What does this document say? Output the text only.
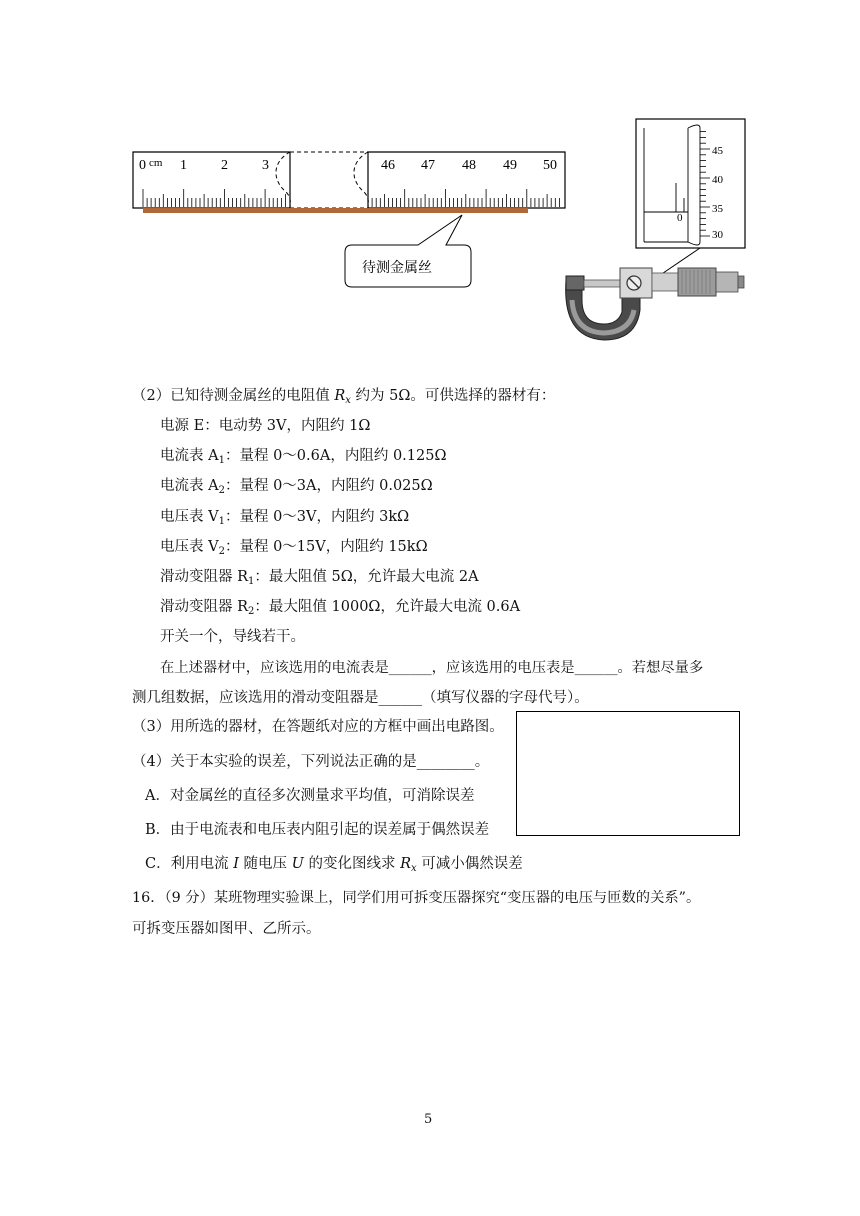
0 cm 1 2 3	46 47 48 49 50
待测金属丝
0
45
40
35
30
（2）已知待测金属丝的电阻值 $R_x$ 约为 5Ω。可供选择的器材有：
电源 E：电动势 3V，内阻约 1Ω
电流表 $A_1$：量程 0～0.6A，内阻约 0.125Ω
电流表 $A_2$：量程 0～3A，内阻约 0.025Ω
电压表 $V_1$：量程 0～3V，内阻约 3kΩ
电压表 $V_2$：量程 0～15V，内阻约 15kΩ
滑动变阻器 $R_1$：最大阻值 5Ω，允许最大电流 2A
滑动变阻器 $R_2$：最大阻值 1000Ω，允许最大电流 0.6A
开关一个，导线若干。
在上述器材中，应该选用的电流表是______，应该选用的电压表是______。若想尽量多
测几组数据，应该选用的滑动变阻器是______（填写仪器的字母代号）。
（3）用所选的器材，在答题纸对应的方框中画出电路图。
（4）关于本实验的误差，下列说法正确的是________。
A．对金属丝的直径多次测量求平均值，可消除误差
B．由于电流表和电压表内阻引起的误差属于偶然误差
C．利用电流 I 随电压 U 的变化图线求 $R_x$ 可减小偶然误差
16．（9 分）某班物理实验课上，同学们用可拆变压器探究“变压器的电压与匝数的关系”。
可拆变压器如图甲、乙所示。
5
